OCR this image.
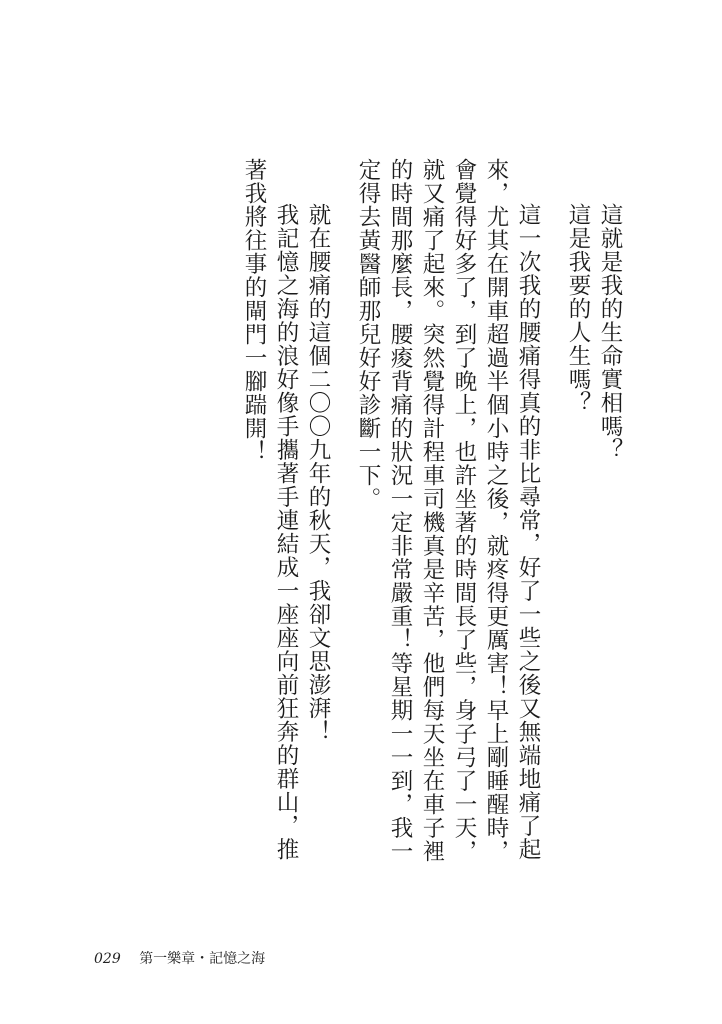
這就是我的生命實相嗎？

這是我要的人生嗎？

這一次我的腰痛得真的非比尋常，好了一些之後又無端地痛了起來，尤其在開車超過半個小時之後，就疼得更厲害！早上剛睡醒時，會覺得好多了，到了晚上，也許坐著的時間長了些，身子弓了一天，就又痛了起來。突然覺得計程車司機真是辛苦，他們每天坐在車子裡的時間那麼長，腰痠背痛的狀況一定非常嚴重！等星期一一到，我一定得去黃醫師那兒好好診斷一下。

就在腰痛的這個二〇〇九年的秋天，我卻文思澎湃！

我記憶之海的浪好像手攜著手連結成一座座向前狂奔的群山，推著我將往事的閘門一腳踹開！

029 第一樂章・記憶之海
